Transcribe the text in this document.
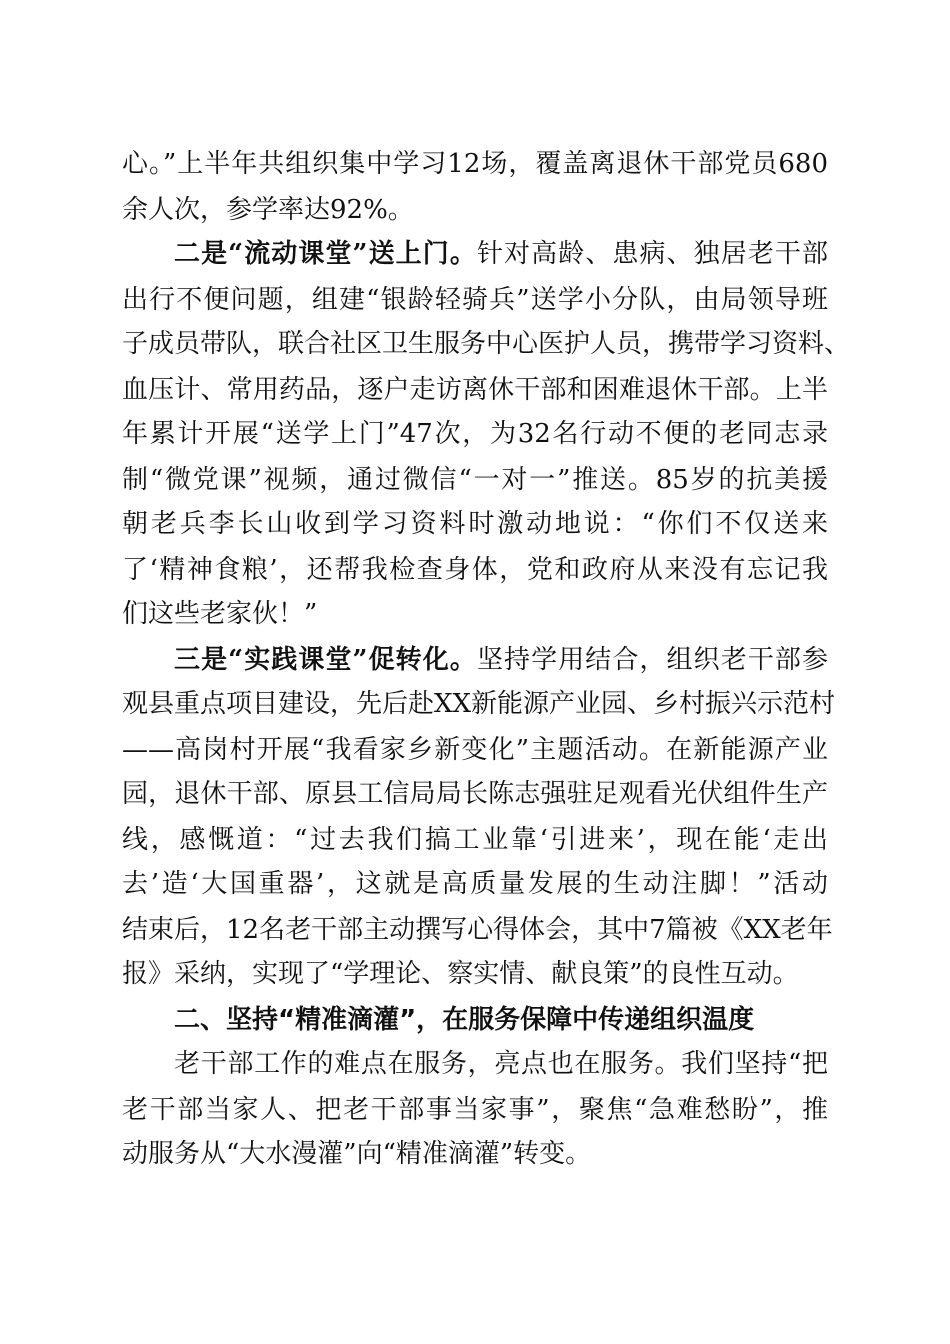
心。”上半年共组织集中学习12场，覆盖离退休干部党员680
余人次，参学率达92%。
二是“流动课堂”送上门。针对高龄、患病、独居老干部
出行不便问题，组建“银龄轻骑兵”送学小分队，由局领导班
子成员带队，联合社区卫生服务中心医护人员，携带学习资料、
血压计、常用药品，逐户走访离休干部和困难退休干部。上半
年累计开展“送学上门”47次，为32名行动不便的老同志录
制“微党课”视频，通过微信“一对一”推送。85岁的抗美援
朝老兵李长山收到学习资料时激动地说：“你们不仅送来
了‘精神食粮’，还帮我检查身体，党和政府从来没有忘记我
们这些老家伙！”
三是“实践课堂”促转化。坚持学用结合，组织老干部参
观县重点项目建设，先后赴XX新能源产业园、乡村振兴示范村
——高岗村开展“我看家乡新变化”主题活动。在新能源产业
园，退休干部、原县工信局局长陈志强驻足观看光伏组件生产
线，感慨道：“过去我们搞工业靠‘引进来’，现在能‘走出
去’造‘大国重器’，这就是高质量发展的生动注脚！”活动
结束后，12名老干部主动撰写心得体会，其中7篇被《XX老年
报》采纳，实现了“学理论、察实情、献良策”的良性互动。
二、坚持“精准滴灌”，在服务保障中传递组织温度
老干部工作的难点在服务，亮点也在服务。我们坚持“把
老干部当家人、把老干部事当家事”，聚焦“急难愁盼”，推
动服务从“大水漫灌”向“精准滴灌”转变。
